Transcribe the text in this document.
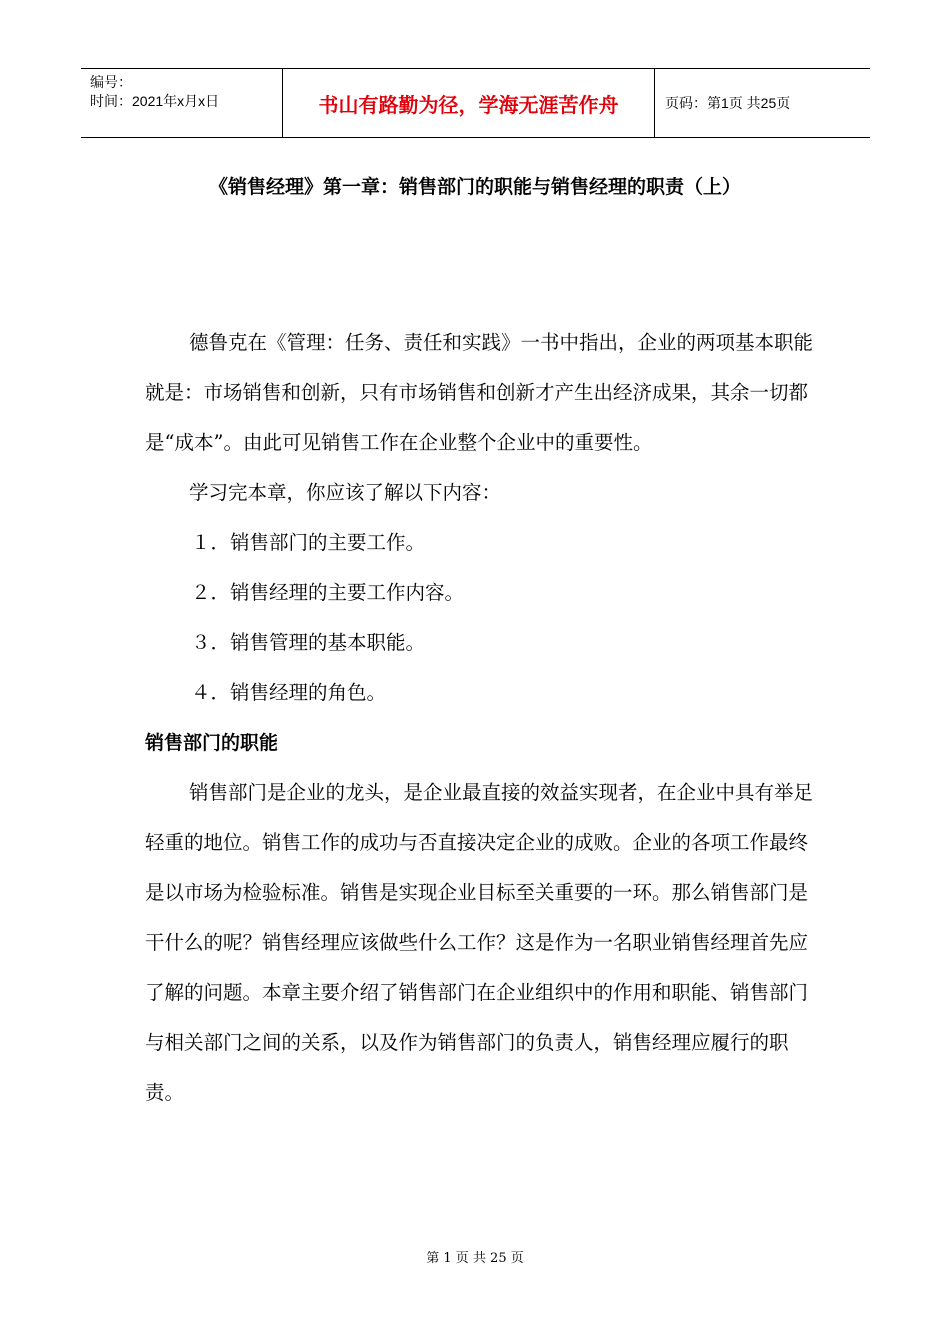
编号：
时间：2021年x月x日	书山有路勤为径，学海无涯苦作舟	页码：第1页 共25页
《销售经理》第一章：销售部门的职能与销售经理的职责（上）

德鲁克在《管理：任务、责任和实践》一书中指出，企业的两项基本职能就是：市场销售和创新，只有市场销售和创新才产生出经济成果，其余一切都是“成本”。由此可见销售工作在企业整个企业中的重要性。

学习完本章，你应该了解以下内容：

１．销售部门的主要工作。

２．销售经理的主要工作内容。

３．销售管理的基本职能。

４．销售经理的角色。

销售部门的职能

销售部门是企业的龙头，是企业最直接的效益实现者，在企业中具有举足轻重的地位。销售工作的成功与否直接决定企业的成败。企业的各项工作最终是以市场为检验标准。销售是实现企业目标至关重要的一环。那么销售部门是干什么的呢？销售经理应该做些什么工作？这是作为一名职业销售经理首先应了解的问题。本章主要介绍了销售部门在企业组织中的作用和职能、销售部门与相关部门之间的关系，以及作为销售部门的负责人，销售经理应履行的职责。

第 1 页 共 25 页
